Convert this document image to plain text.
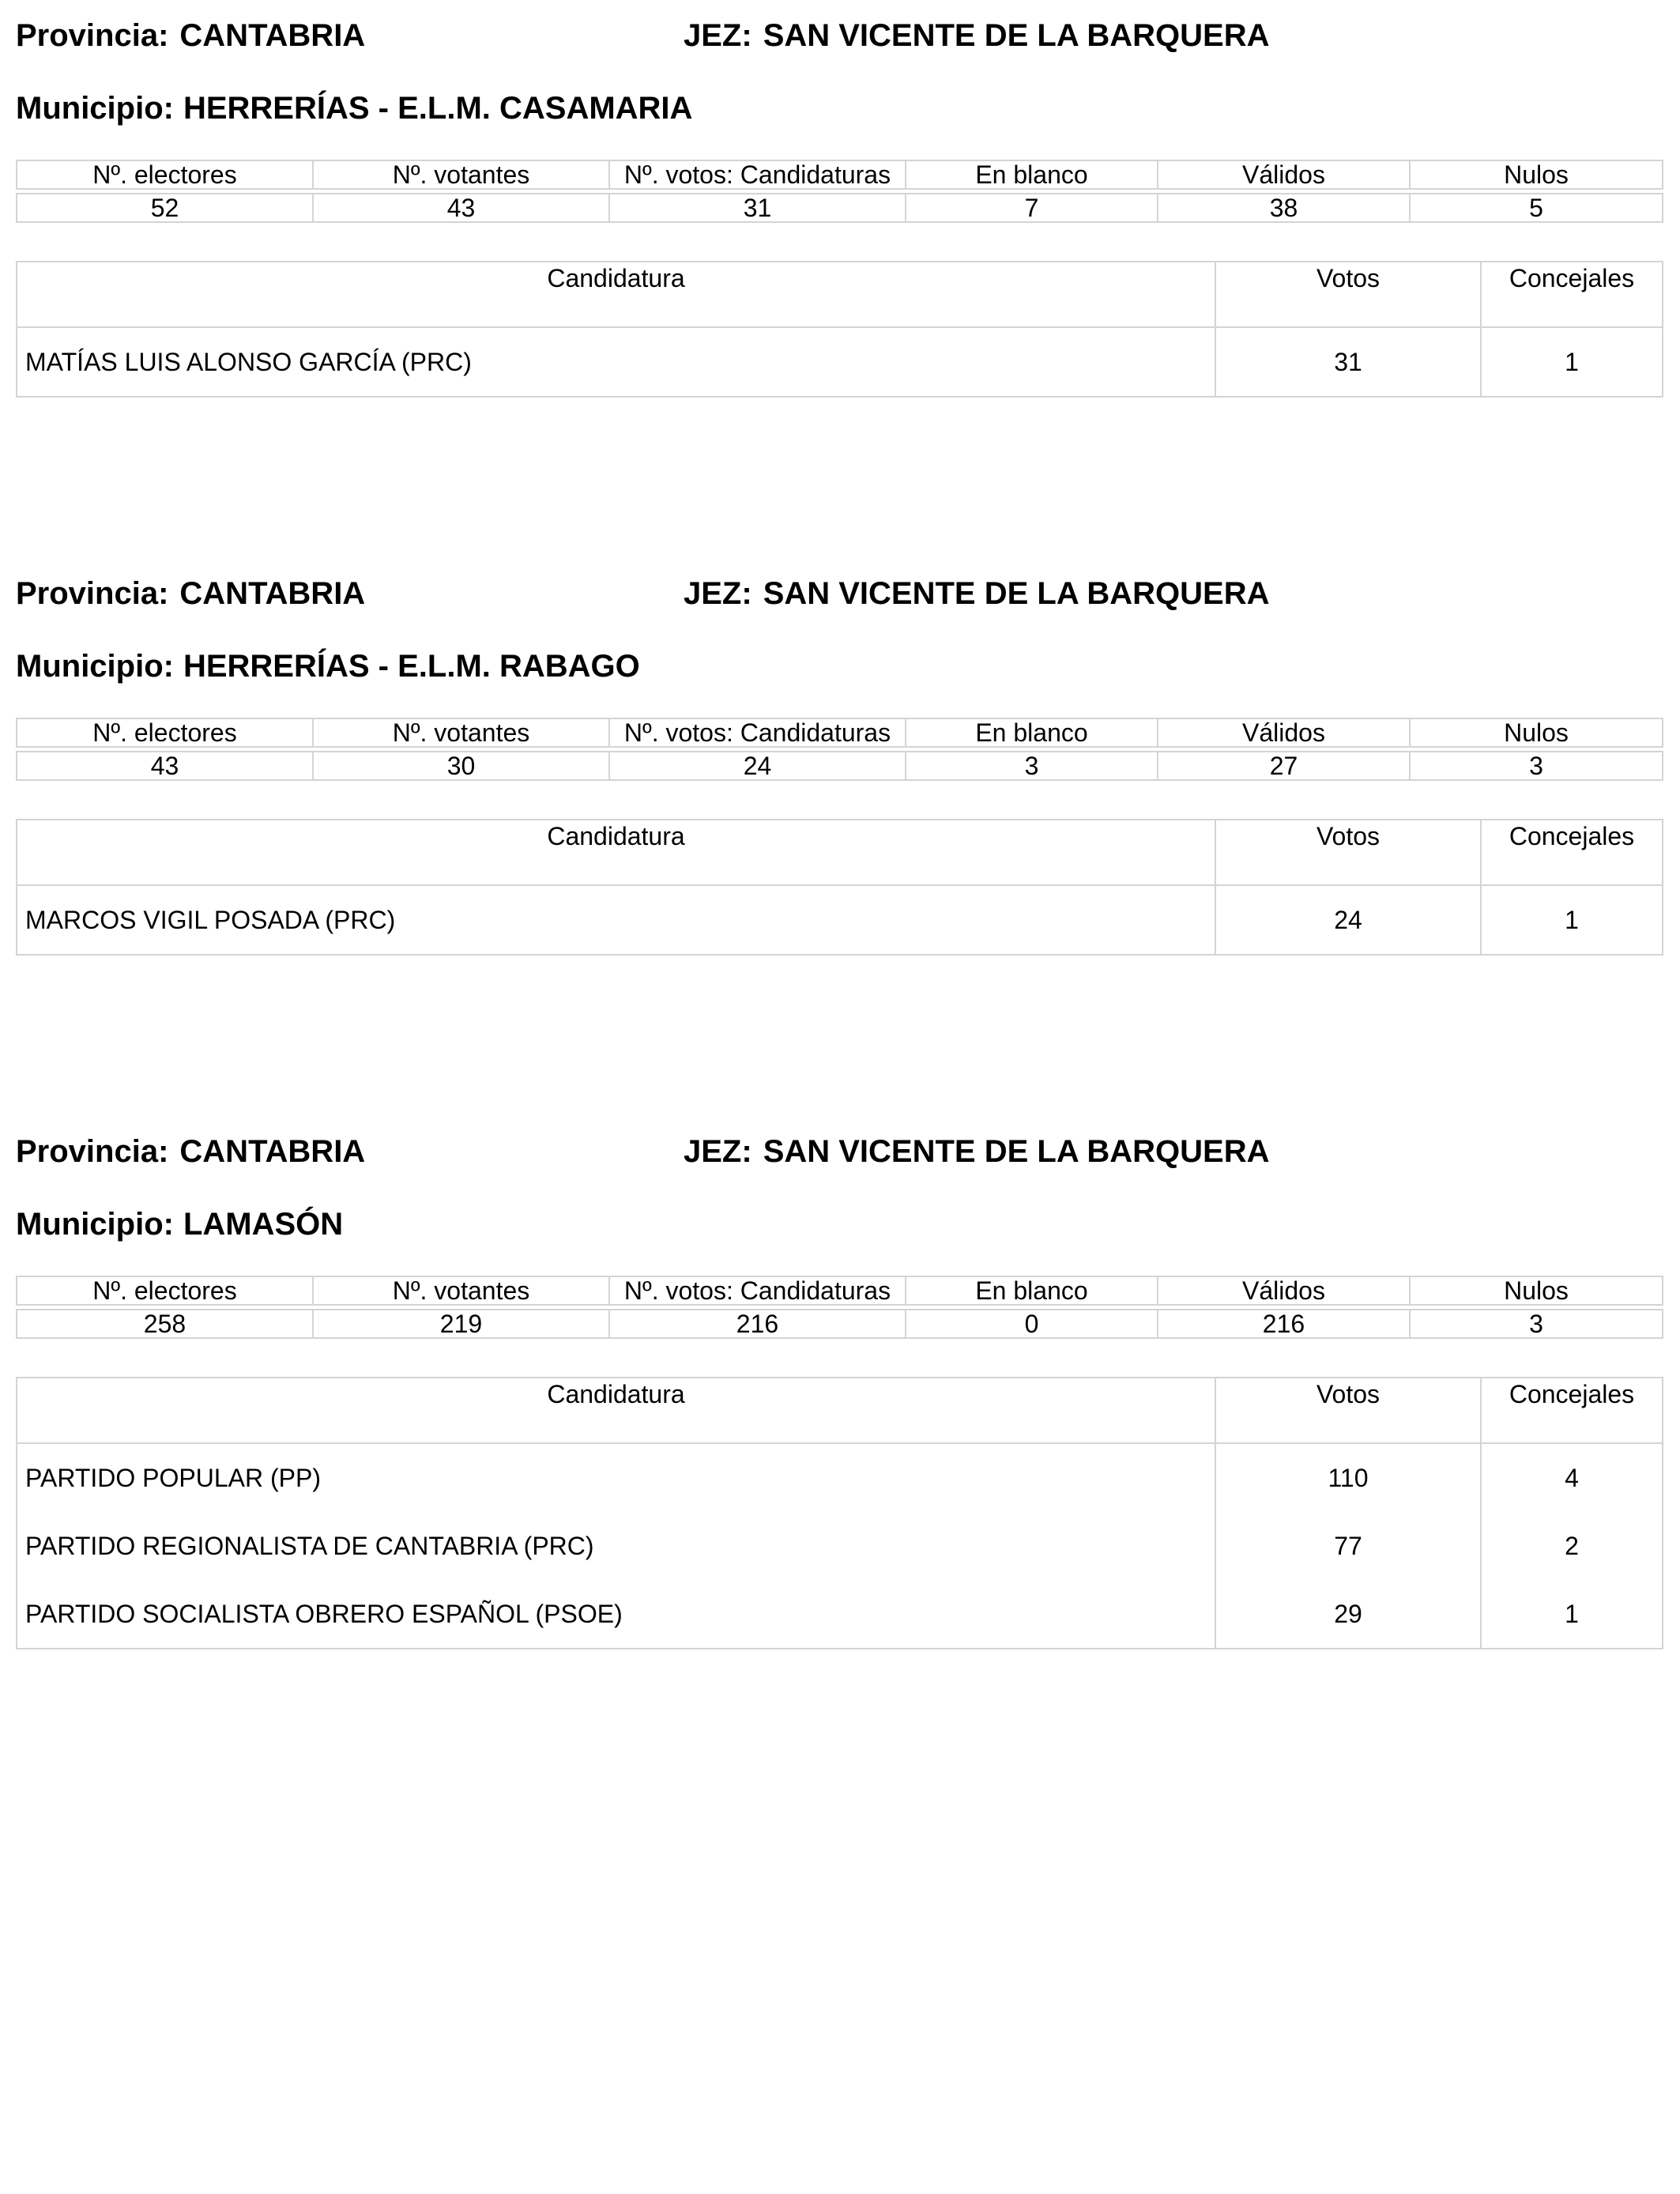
Provincia: CANTABRIA	JEZ: SAN VICENTE DE LA BARQUERA
Municipio: HERRERÍAS - E.L.M. CASAMARIA
Nº. electores	Nº. votantes	Nº. votos: Candidaturas	En blanco	Válidos	Nulos

52	43	31	7	38	5
Candidatura	Votos	Concejales
MATÍAS LUIS ALONSO GARCÍA (PRC)	31	1
Provincia: CANTABRIA	JEZ: SAN VICENTE DE LA BARQUERA
Municipio: HERRERÍAS - E.L.M. RABAGO
Nº. electores	Nº. votantes	Nº. votos: Candidaturas	En blanco	Válidos	Nulos

43	30	24	3	27	3
Candidatura	Votos	Concejales
MARCOS VIGIL POSADA (PRC)	24	1
Provincia: CANTABRIA	JEZ: SAN VICENTE DE LA BARQUERA
Municipio: LAMASÓN
Nº. electores	Nº. votantes	Nº. votos: Candidaturas	En blanco	Válidos	Nulos

258	219	216	0	216	3
Candidatura	Votos	Concejales
PARTIDO POPULAR (PP)	110	4
PARTIDO REGIONALISTA DE CANTABRIA (PRC)	77	2
PARTIDO SOCIALISTA OBRERO ESPAÑOL (PSOE)	29	1
